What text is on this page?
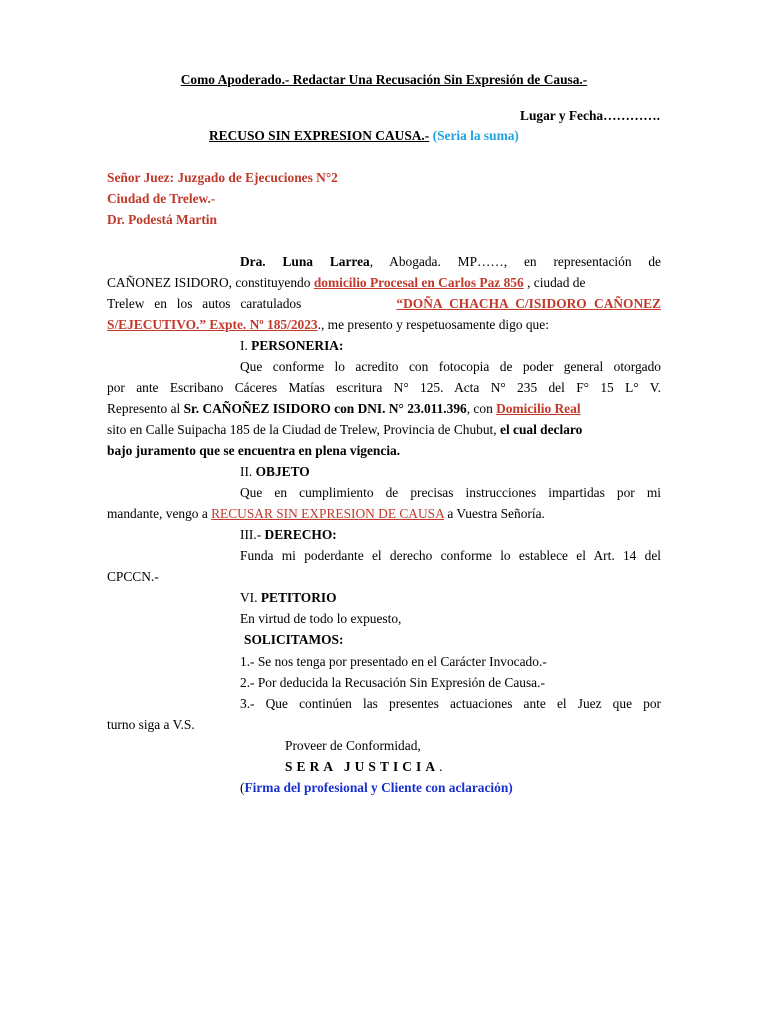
Como Apoderado.- Redactar Una Recusación Sin Expresión de Causa.-
Lugar y Fecha………….
RECUSO SIN EXPRESION CAUSA.- (Seria la suma)
Señor Juez: Juzgado de Ejecuciones N°2
Ciudad de Trelew.-
Dr. Podestá Martin
Dra. Luna Larrea, Abogada. MP……, en representación de
CAÑONEZ ISIDORO, constituyendo domicilio Procesal en Carlos Paz 856 , ciudad de
Trelew en los autos caratulados	“DOÑA CHACHA C/ISIDORO CAÑONEZ
S/EJECUTIVO.” Expte. Nº 185/2023., me presento y respetuosamente digo que:
I. PERSONERIA:
Que conforme lo acredito con fotocopia de poder general otorgado
por ante Escribano Cáceres Matías escritura N° 125. Acta N° 235 del F° 15 L° V.
Represento al Sr. CAÑOÑEZ ISIDORO con DNI. N° 23.011.396, con Domicilio Real
sito en Calle Suipacha 185 de la Ciudad de Trelew, Provincia de Chubut, el cual declaro
bajo juramento que se encuentra en plena vigencia.
II. OBJETO
Que en cumplimiento de precisas instrucciones impartidas por mi
mandante, vengo a RECUSAR SIN EXPRESION DE CAUSA a Vuestra Señoría.
III.- DERECHO:
Funda mi poderdante el derecho conforme lo establece el Art. 14 del
CPCCN.-
VI. PETITORIO
En virtud de todo lo expuesto,
SOLICITAMOS:
1.- Se nos tenga por presentado en el Carácter Invocado.-
2.- Por deducida la Recusación Sin Expresión de Causa.-
3.- Que continúen las presentes actuaciones ante el Juez que por
turno siga a V.S.
Proveer de Conformidad,
SERA JUSTICIA.
(Firma del profesional y Cliente con aclaración)
